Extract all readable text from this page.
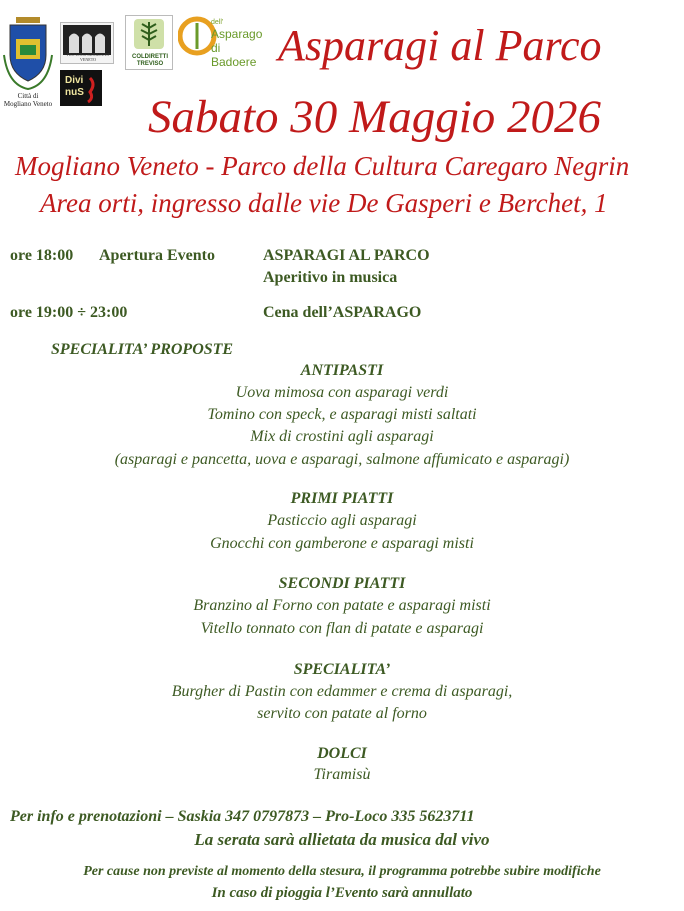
Città di
Mogliano Veneto
PRO LOCO MOGLIANO VENETO
Divi
nuS
COLDIRETTI
TREVISO
dell'
Asparago
di Badoere Asparagi al Parco
Sabato 30 Maggio 2026
Mogliano Veneto - Parco della Cultura Caregaro Negrin
Area orti, ingresso dalle vie De Gasperi e Berchet, 1
ore 18:00 Apertura Evento	ASPARAGI AL PARCO
Aperitivo in musica
ore 19:00 ÷ 23:00	Cena dell’ASPARAGO
SPECIALITA’ PROPOSTE
ANTIPASTI
Uova mimosa con asparagi verdi
Tomino con speck, e asparagi misti saltati
Mix di crostini agli asparagi
(asparagi e pancetta, uova e asparagi, salmone affumicato e asparagi)
PRIMI PIATTI
Pasticcio agli asparagi
Gnocchi con gamberone e asparagi misti
SECONDI PIATTI
Branzino al Forno con patate e asparagi misti
Vitello tonnato con flan di patate e asparagi
SPECIALITA’
Burgher di Pastin con edammer e crema di asparagi,
servito con patate al forno
DOLCI
Tiramisù
Per info e prenotazioni – Saskia 347 0797873 – Pro-Loco 335 5623711
La serata sarà allietata da musica dal vivo
Per cause non previste al momento della stesura, il programma potrebbe subire modifiche
In caso di pioggia l’Evento sarà annullato
